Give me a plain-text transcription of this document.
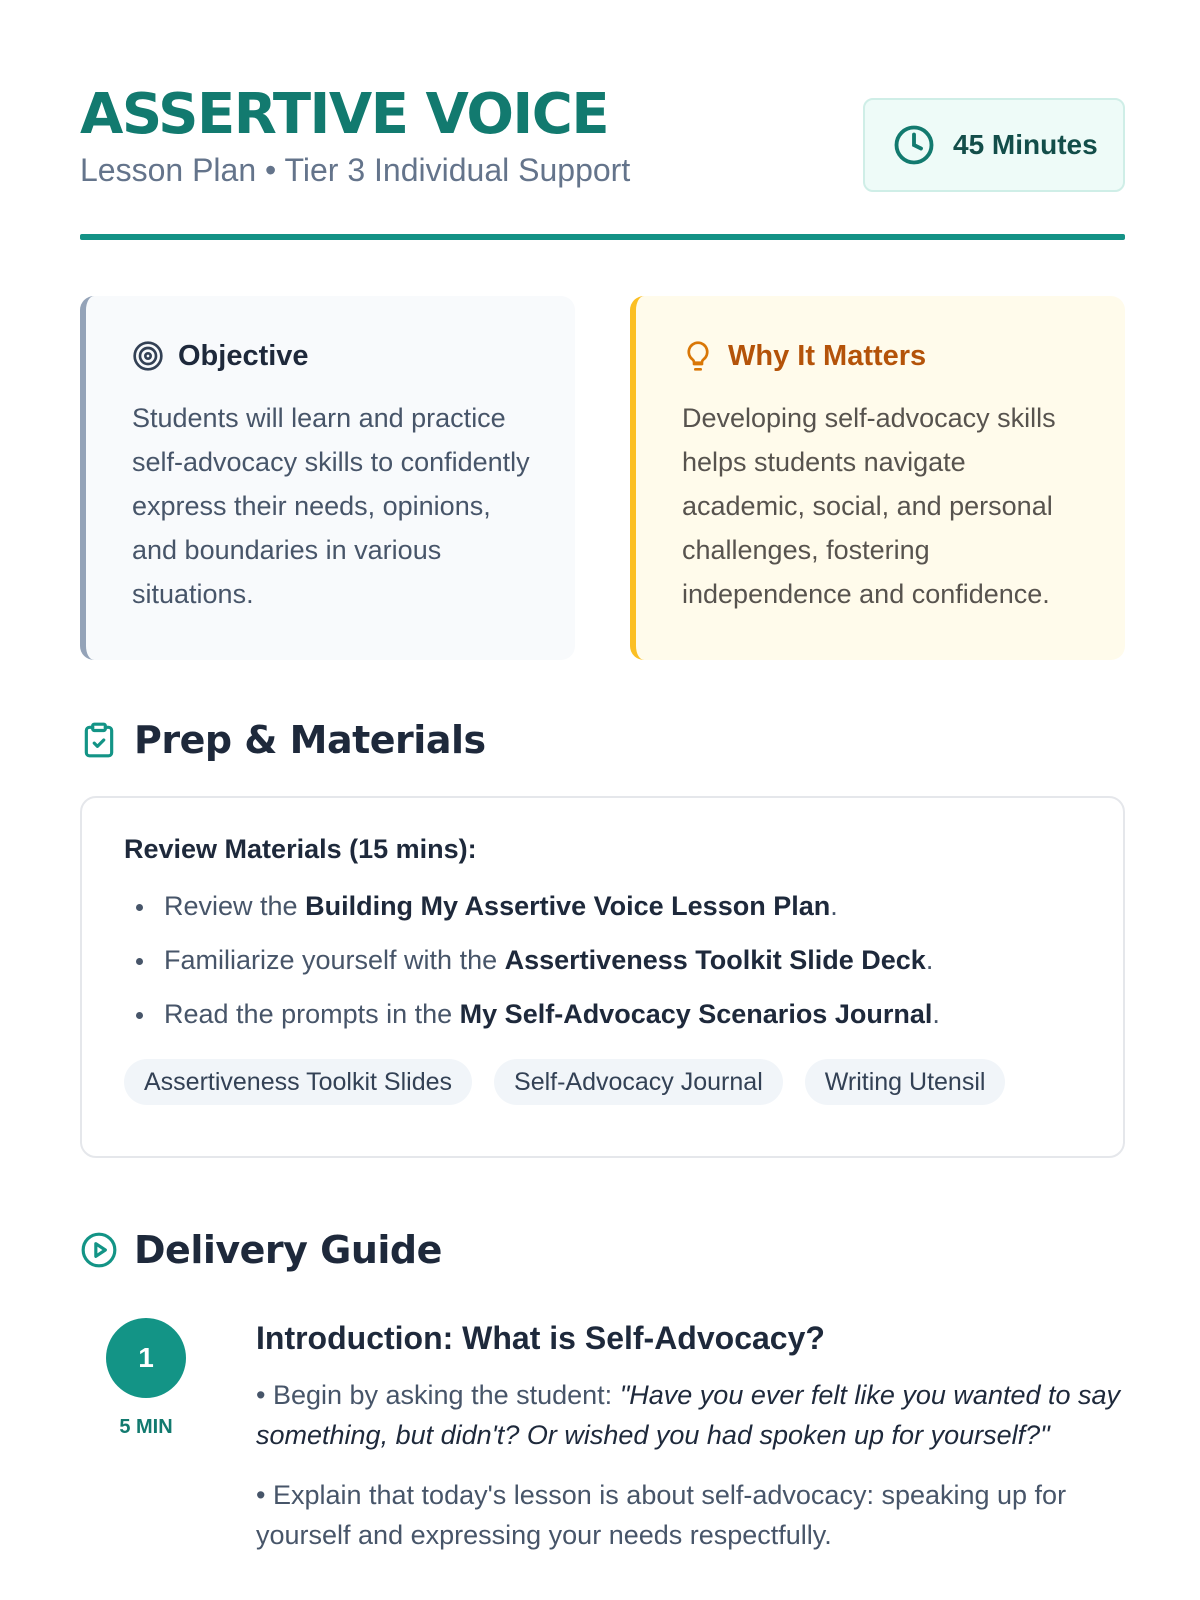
ASSERTIVE VOICE

Lesson Plan • Tier 3 Individual Support

45 Minutes
Objective

Students will learn and practice self-advocacy skills to confidently express their needs, opinions, and boundaries in various situations.

Why It Matters

Developing self-advocacy skills helps students navigate academic, social, and personal challenges, fostering independence and confidence.

Prep & Materials

Review Materials (15 mins):

Review the Building My Assertive Voice Lesson Plan.
Familiarize yourself with the Assertiveness Toolkit Slide Deck.
Read the prompts in the My Self-Advocacy Scenarios Journal.
Assertiveness Toolkit Slides	Self-Advocacy Journal	Writing Utensil
Delivery Guide
1
5 MIN

Introduction: What is Self-Advocacy?

• Begin by asking the student: "Have you ever felt like you wanted to say something, but didn't? Or wished you had spoken up for yourself?"

• Explain that today's lesson is about self-advocacy: speaking up for yourself and expressing your needs respectfully.
